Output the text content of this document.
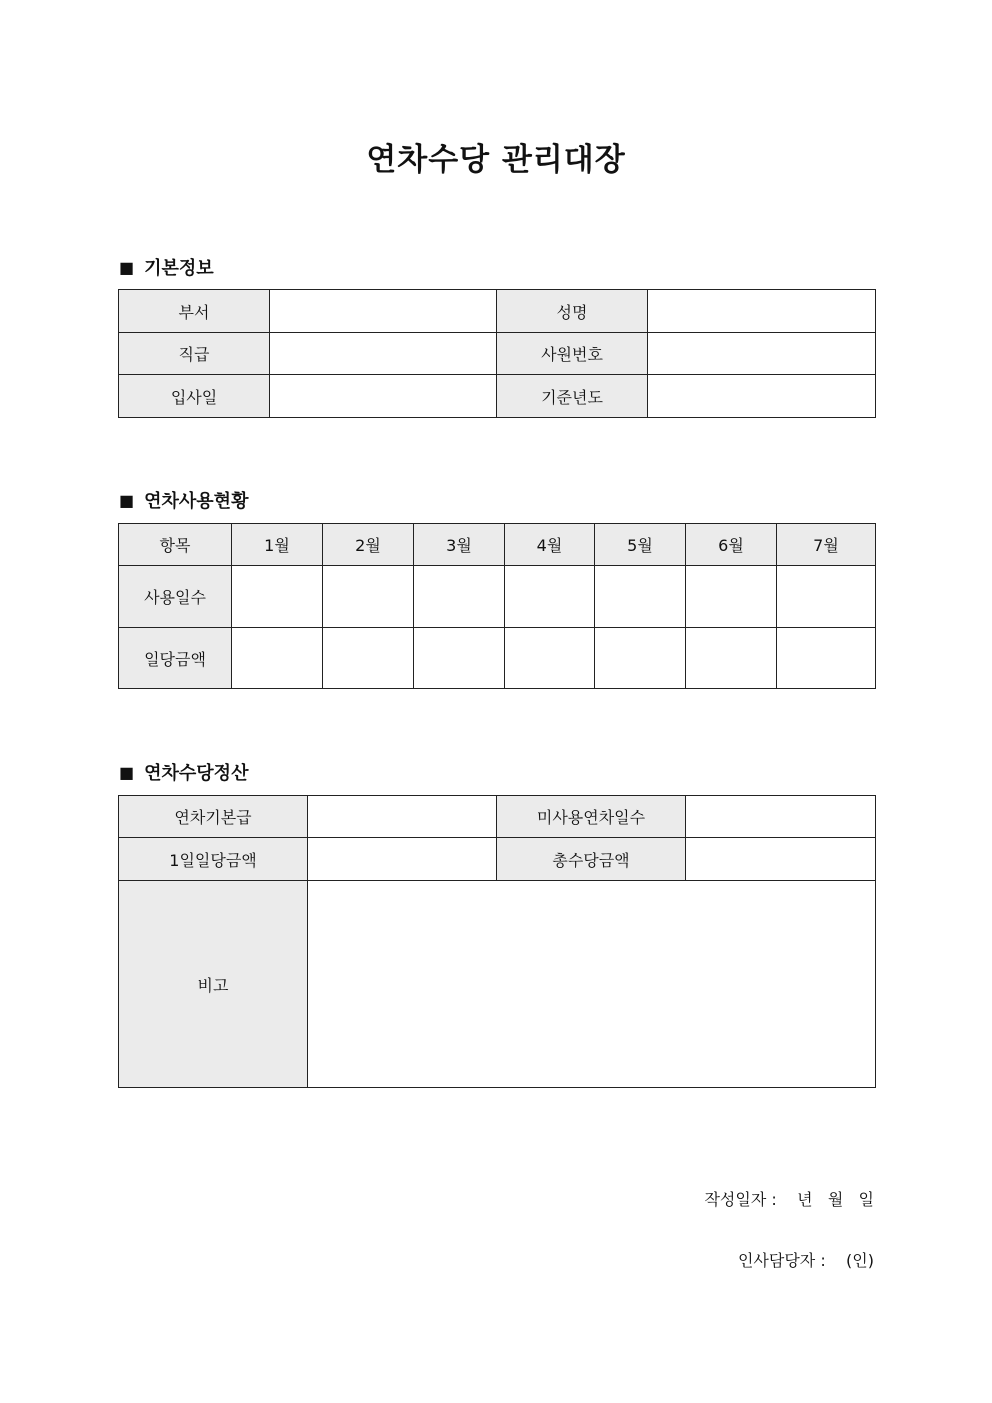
연차수당 관리대장
■ 기본정보
부서		성명	
직급		사원번호	
입사일		기준년도	
■ 연차사용현황
항목	1월	2월	3월	4월	5월	6월	7월
사용일수							
일당금액							
■ 연차수당정산
연차기본급		미사용연차일수	
1일일당금액		총수당금액	
비고			
작성일자 :    년   월   일
인사담당자 :    (인)
